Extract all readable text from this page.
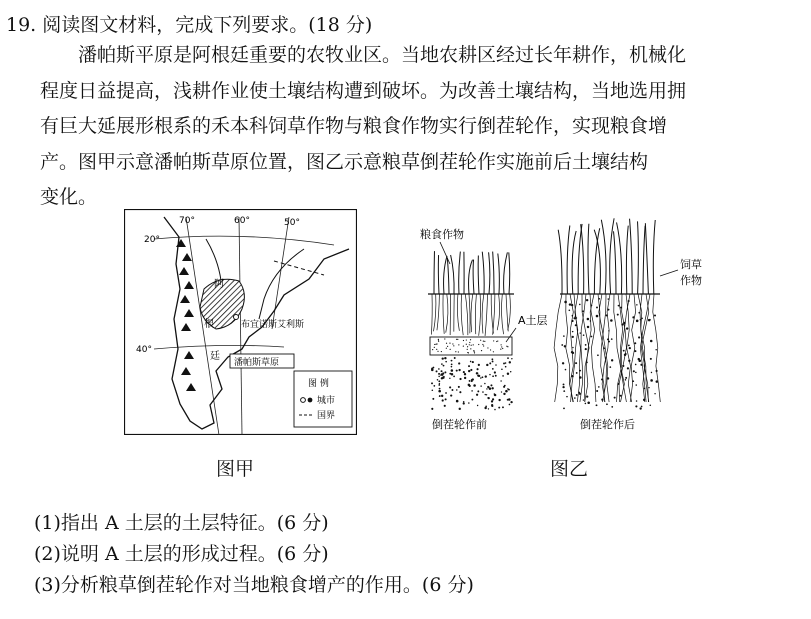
19. 阅读图文材料，完成下列要求。(18 分)
潘帕斯平原是阿根廷重要的农牧业区。当地农耕区经过长年耕作，机械化
程度日益提高，浅耕作业使土壤结构遭到破坏。为改善土壤结构，当地选用拥
有巨大延展形根系的禾本科饲草作物与粮食作物实行倒茬轮作，实现粮食增
产。图甲示意潘帕斯草原位置，图乙示意粮草倒茬轮作实施前后土壤结构
变化。
70°	60°	50°
20°
40°
阿
根
廷
布宜诺斯艾利斯
潘帕斯草原
图 例
城市
国界
粮食作物
A土层
饲草
作物
倒茬轮作前	倒茬轮作后
图甲	图乙
(1)指出 A 土层的土层特征。(6 分)
(2)说明 A 土层的形成过程。(6 分)
(3)分析粮草倒茬轮作对当地粮食增产的作用。(6 分)
